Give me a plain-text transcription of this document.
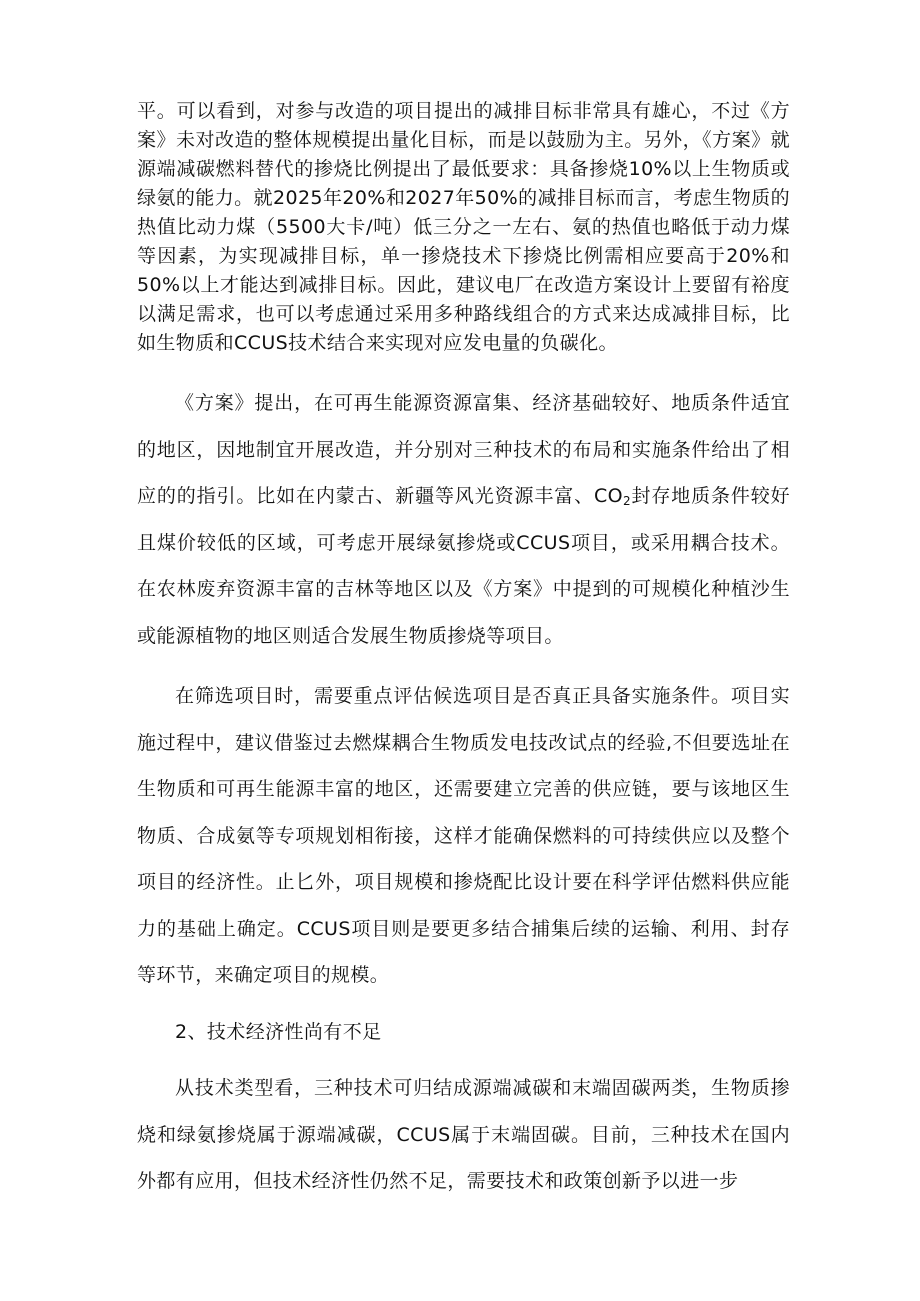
平。可以看到，对参与改造的项目提出的减排目标非常具有雄心，不过《方案》未对改造的整体规模提出量化目标，而是以鼓励为主。另外，《方案》就源端减碳燃料替代的掺烧比例提出了最低要求：具备掺烧10%以上生物质或绿氨的能力。就2025年20%和2027年50%的减排目标而言，考虑生物质的热值比动力煤（5500大卡/吨）低三分之一左右、氨的热值也略低于动力煤等因素，为实现减排目标，单一掺烧技术下掺烧比例需相应要高于20%和50%以上才能达到减排目标。因此，建议电厂在改造方案设计上要留有裕度以满足需求，也可以考虑通过采用多种路线组合的方式来达成减排目标，比如生物质和CCUS技术结合来实现对应发电量的负碳化。

《方案》提出，在可再生能源资源富集、经济基础较好、地质条件适宜的地区，因地制宜开展改造，并分别对三种技术的布局和实施条件给出了相应的的指引。比如在内蒙古、新疆等风光资源丰富、$CO_2$封存地质条件较好且煤价较低的区域，可考虑开展绿氨掺烧或CCUS项目，或采用耦合技术。在农林废弃资源丰富的吉林等地区以及《方案》中提到的可规模化种植沙生或能源植物的地区则适合发展生物质掺烧等项目。

在筛选项目时，需要重点评估候选项目是否真正具备实施条件。项目实施过程中，建议借鉴过去燃煤耦合生物质发电技改试点的经验,不但要选址在生物质和可再生能源丰富的地区，还需要建立完善的供应链，要与该地区生物质、合成氨等专项规划相衔接，这样才能确保燃料的可持续供应以及整个项目的经济性。止匕外，项目规模和掺烧配比设计要在科学评估燃料供应能力的基础上确定。CCUS项目则是要更多结合捕集后续的运输、利用、封存等环节，来确定项目的规模。

2、技术经济性尚有不足

从技术类型看，三种技术可归结成源端减碳和末端固碳两类，生物质掺烧和绿氨掺烧属于源端减碳，CCUS属于末端固碳。目前，三种技术在国内外都有应用，但技术经济性仍然不足，需要技术和政策创新予以进一步
